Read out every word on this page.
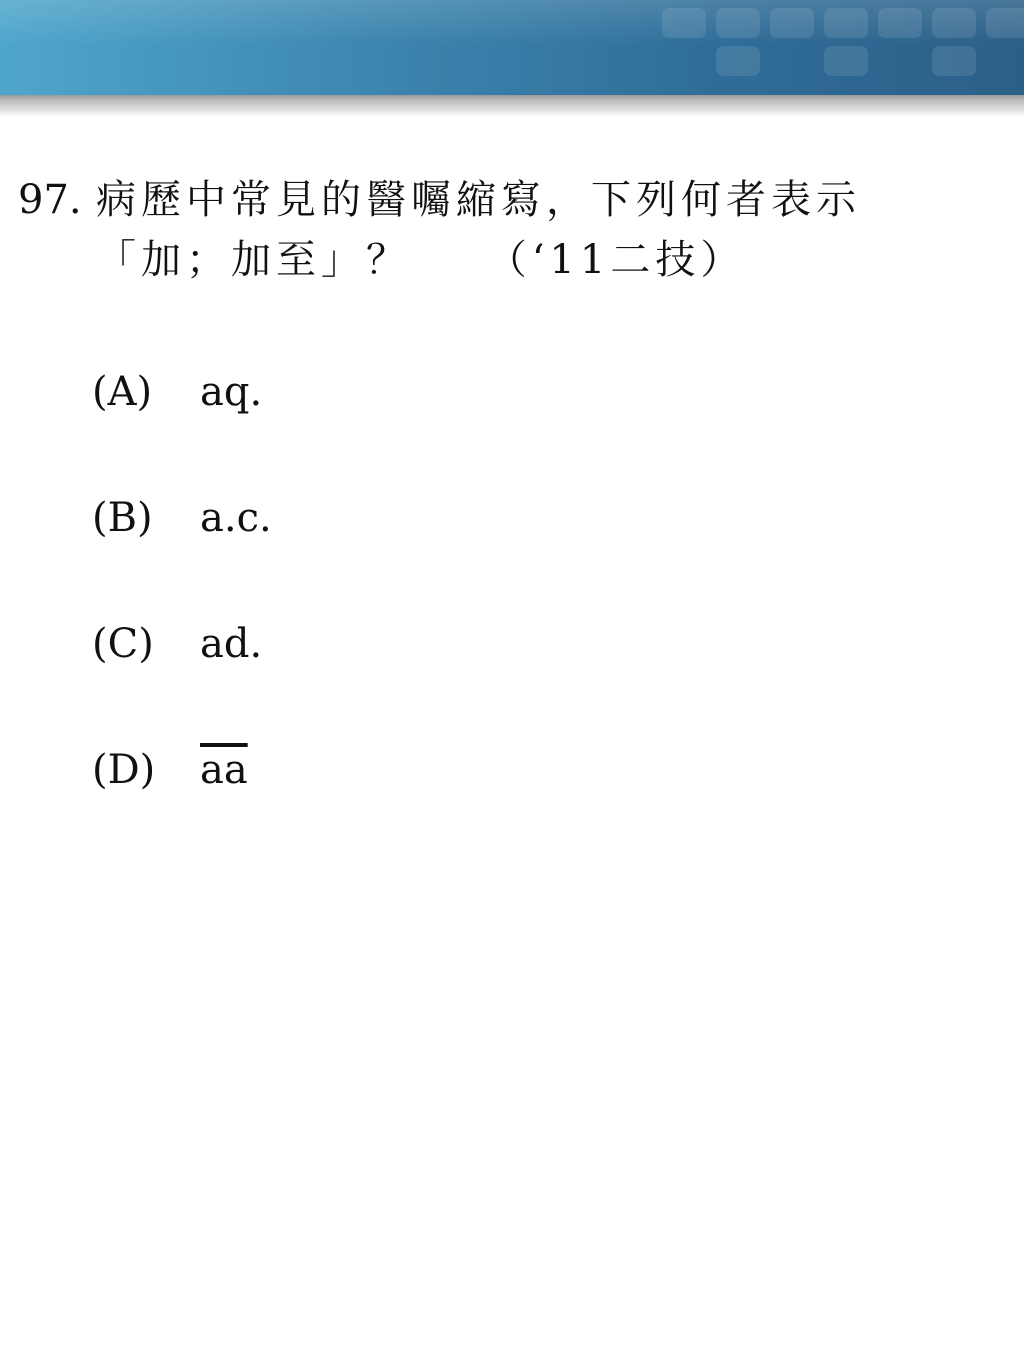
97. 病歷中常見的醫囑縮寫，下列何者表示
「加；加至」？ （‘11二技）
(A) aq.
(B) a.c.
(C) ad.
(D) $\overline{aa}$
